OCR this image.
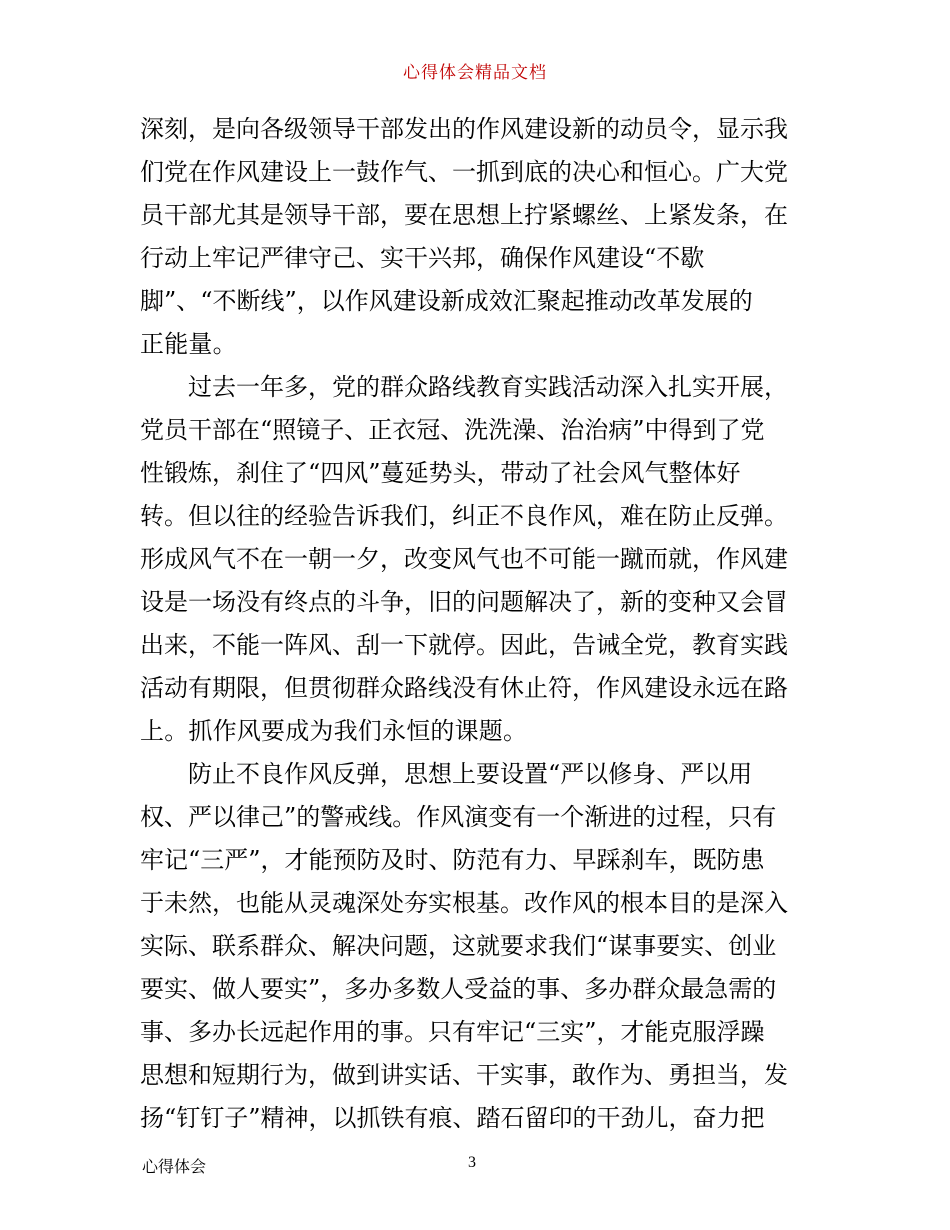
心得体会精品文档
深刻，是向各级领导干部发出的作风建设新的动员令，显示我
们党在作风建设上一鼓作气、一抓到底的决心和恒心。广大党
员干部尤其是领导干部，要在思想上拧紧螺丝、上紧发条，在
行动上牢记严律守己、实干兴邦，确保作风建设“不歇
脚”、“不断线”，以作风建设新成效汇聚起推动改革发展的
正能量。
过去一年多，党的群众路线教育实践活动深入扎实开展，
党员干部在“照镜子、正衣冠、洗洗澡、治治病”中得到了党
性锻炼，刹住了“四风”蔓延势头，带动了社会风气整体好
转。但以往的经验告诉我们，纠正不良作风，难在防止反弹。
形成风气不在一朝一夕，改变风气也不可能一蹴而就，作风建
设是一场没有终点的斗争，旧的问题解决了，新的变种又会冒
出来，不能一阵风、刮一下就停。因此，告诫全党，教育实践
活动有期限，但贯彻群众路线没有休止符，作风建设永远在路
上。抓作风要成为我们永恒的课题。
防止不良作风反弹，思想上要设置“严以修身、严以用
权、严以律己”的警戒线。作风演变有一个渐进的过程，只有
牢记“三严”，才能预防及时、防范有力、早踩刹车，既防患
于未然，也能从灵魂深处夯实根基。改作风的根本目的是深入
实际、联系群众、解决问题，这就要求我们“谋事要实、创业
要实、做人要实”，多办多数人受益的事、多办群众最急需的
事、多办长远起作用的事。只有牢记“三实”，才能克服浮躁
思想和短期行为，做到讲实话、干实事，敢作为、勇担当，发
扬“钉钉子”精神，以抓铁有痕、踏石留印的干劲儿，奋力把
心得体会	3
